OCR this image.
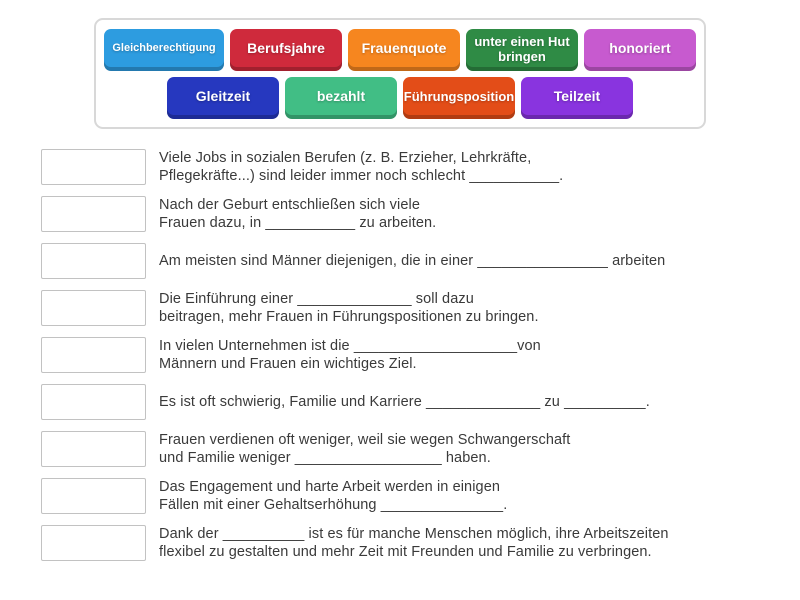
Gleichberechtigung	Berufsjahre	Frauenquote	unter einen Hut bringen	honoriert
Gleitzeit	bezahlt	Führungsposition	Teilzeit
Viele Jobs in sozialen Berufen (z. B. Erzieher, Lehrkräfte,
Pflegekräfte...) sind leider immer noch schlecht ___________.
Nach der Geburt entschließen sich viele
Frauen dazu, in ___________ zu arbeiten.
Am meisten sind Männer diejenigen, die in einer ________________ arbeiten
Die Einführung einer ______________ soll dazu
beitragen, mehr Frauen in Führungspositionen zu bringen.
In vielen Unternehmen ist die ____________________von
Männern und Frauen ein wichtiges Ziel.
Es ist oft schwierig, Familie und Karriere ______________ zu __________.
Frauen verdienen oft weniger, weil sie wegen Schwangerschaft
und Familie weniger __________________ haben.
Das Engagement und harte Arbeit werden in einigen
Fällen mit einer Gehaltserhöhung _______________.
Dank der __________ ist es für manche Menschen möglich, ihre Arbeitszeiten
flexibel zu gestalten und mehr Zeit mit Freunden und Familie zu verbringen.
